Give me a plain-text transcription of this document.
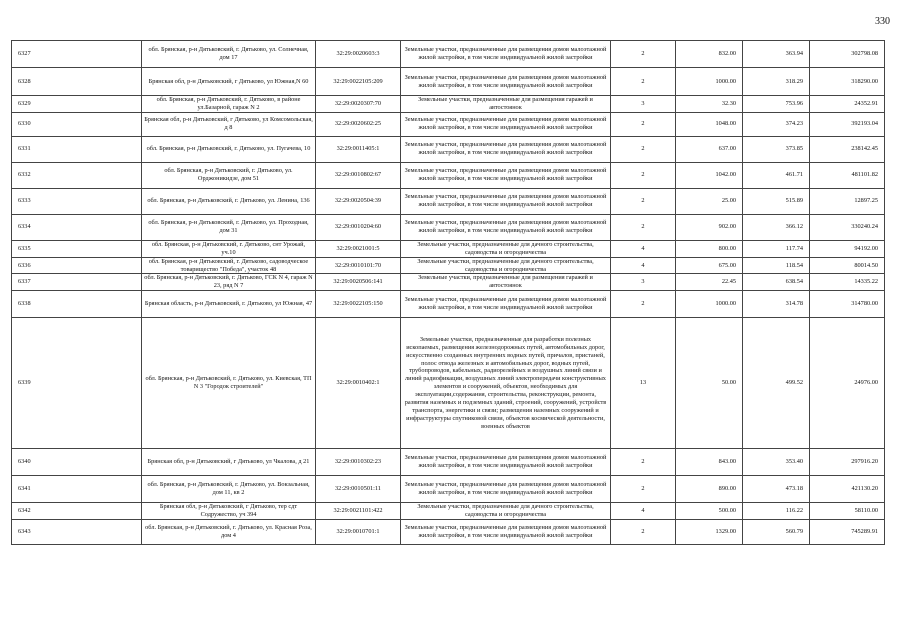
330
6327	обл. Брянская, р-н Дятьковский, г. Дятьково, ул. Солнечная, дом 17	32:29:0020603:3	Земельные участки, предназначенные для размещения домов малоэтажной жилой застройки, в том числе индивидуальной жилой застройки	2	832.00	363.94	302798.08
6328	Брянская обл, р-н Дятьковский, г Дятьково, ул Южная,N 60	32:29:0022105:209	Земельные участки, предназначенные для размещения домов малоэтажной жилой застройки, в том числе индивидуальной жилой застройки	2	1000.00	318.29	318290.00
6329	обл. Брянская, р-н Дятьковский, г. Дятьково, в районе ул.Базарной, гараж N 2	32:29:0020307:70	Земельные участки, предназначенные для размещения гаражей и автостоянок	3	32.30	753.96	24352.91
6330	Брянская обл, р-н Дятьковский, г Дятьково, ул Комсомольская, д 8	32:29:0020602:25	Земельные участки, предназначенные для размещения домов малоэтажной жилой застройки, в том числе индивидуальной жилой застройки	2	1048.00	374.23	392193.04
6331	обл. Брянская, р-н Дятьковский, г. Дятьково, ул. Пугачева, 10	32:29:0011405:1	Земельные участки, предназначенные для размещения домов малоэтажной жилой застройки, в том числе индивидуальной жилой застройки	2	637.00	373.85	238142.45
6332	обл. Брянская, р-н Дятьковский, г. Дятьково, ул. Орджоникидзе, дом 51	32:29:0010802:67	Земельные участки, предназначенные для размещения домов малоэтажной жилой застройки, в том числе индивидуальной жилой застройки	2	1042.00	461.71	481101.82
6333	обл. Брянская, р-н Дятьковский, г. Дятьково, ул. Ленина, 136	32:29:0020504:39	Земельные участки, предназначенные для размещения домов малоэтажной жилой застройки, в том числе индивидуальной жилой застройки	2	25.00	515.89	12897.25
6334	обл. Брянская, р-н Дятьковский, г. Дятьково, ул. Проходная, дом 31	32:29:0010204:60	Земельные участки, предназначенные для размещения домов малоэтажной жилой застройки, в том числе индивидуальной жилой застройки	2	902.00	366.12	330240.24
6335	обл. Брянская, р-н Дятьковский, г. Дятьково, снт Урожай, уч.10	32:29:0021001:5	Земельные участки, предназначенные для дачного строительства, садоводства и огородничества	4	800.00	117.74	94192.00
6336	обл. Брянская, р-н Дятьковский, г. Дятьково, садоводческое товарищество "Победа", участок 48	32:29:0010101:70	Земельные участки, предназначенные для дачного строительства, садоводства и огородничества	4	675.00	118.54	80014.50
6337	обл. Брянская, р-н Дятьковский, г. Дятьково, ГСК N 4, гараж N 23, ряд N 7	32:29:0020506:141	Земельные участки, предназначенные для размещения гаражей и автостоянок	3	22.45	638.54	14335.22
6338	Брянская область, р-н Дятьковский, г. Дятьково, ул Южная, 47	32:29:0022105:150	Земельные участки, предназначенные для размещения домов малоэтажной жилой застройки, в том числе индивидуальной жилой застройки	2	1000.00	314.78	314780.00
6339	обл. Брянская, р-н Дятьковский, г. Дятьково, ул. Киевская, ТП N 3 "Городок строителей"	32:29:0010402:1	Земельные участки, предназначенные для разработки полезных ископаемых, размещения железнодорожных путей, автомобильных дорог, искусственно созданных внутренних водных путей, причалов, пристаней, полос отвода железных и автомобильных дорог, водных путей, трубопроводов, кабельных, радиорелейных и воздушных линий связи и линий радиофикации, воздушных линий электропередачи конструктивных элементов и сооружений, объектов, необходимых для эксплуатации,содержания, строительства, реконструкции, ремонта, развития наземных и подземных зданий, строений, сооружений, устройств транспорта, энергетики и связи; размещения наземных сооружений и инфраструктуры спутниковой связи, объектов космической деятельности, военных объектов	13	50.00	499.52	24976.00
6340	Брянская обл, р-н Дятьковский, г Дятьково, ул Чкалова, д 21	32:29:0010302:23	Земельные участки, предназначенные для размещения домов малоэтажной жилой застройки, в том числе индивидуальной жилой застройки	2	843.00	353.40	297916.20
6341	обл. Брянская, р-н Дятьковский, г. Дятьково, ул. Вокзальная, дом 11, кв 2	32:29:0010501:11	Земельные участки, предназначенные для размещения домов малоэтажной жилой застройки, в том числе индивидуальной жилой застройки	2	890.00	473.18	421130.20
6342	Брянская обл, р-н Дятьковский, г Дятьково, тер сдт Содружество, уч 394	32:29:0021101:422	Земельные участки, предназначенные для дачного строительства, садоводства и огородничества	4	500.00	116.22	58110.00
6343	обл. Брянская, р-н Дятьковский, г. Дятьково, ул. Красная Роза, дом 4	32:29:0010701:1	Земельные участки, предназначенные для размещения домов малоэтажной жилой застройки, в том числе индивидуальной жилой застройки	2	1329.00	560.79	745289.91
